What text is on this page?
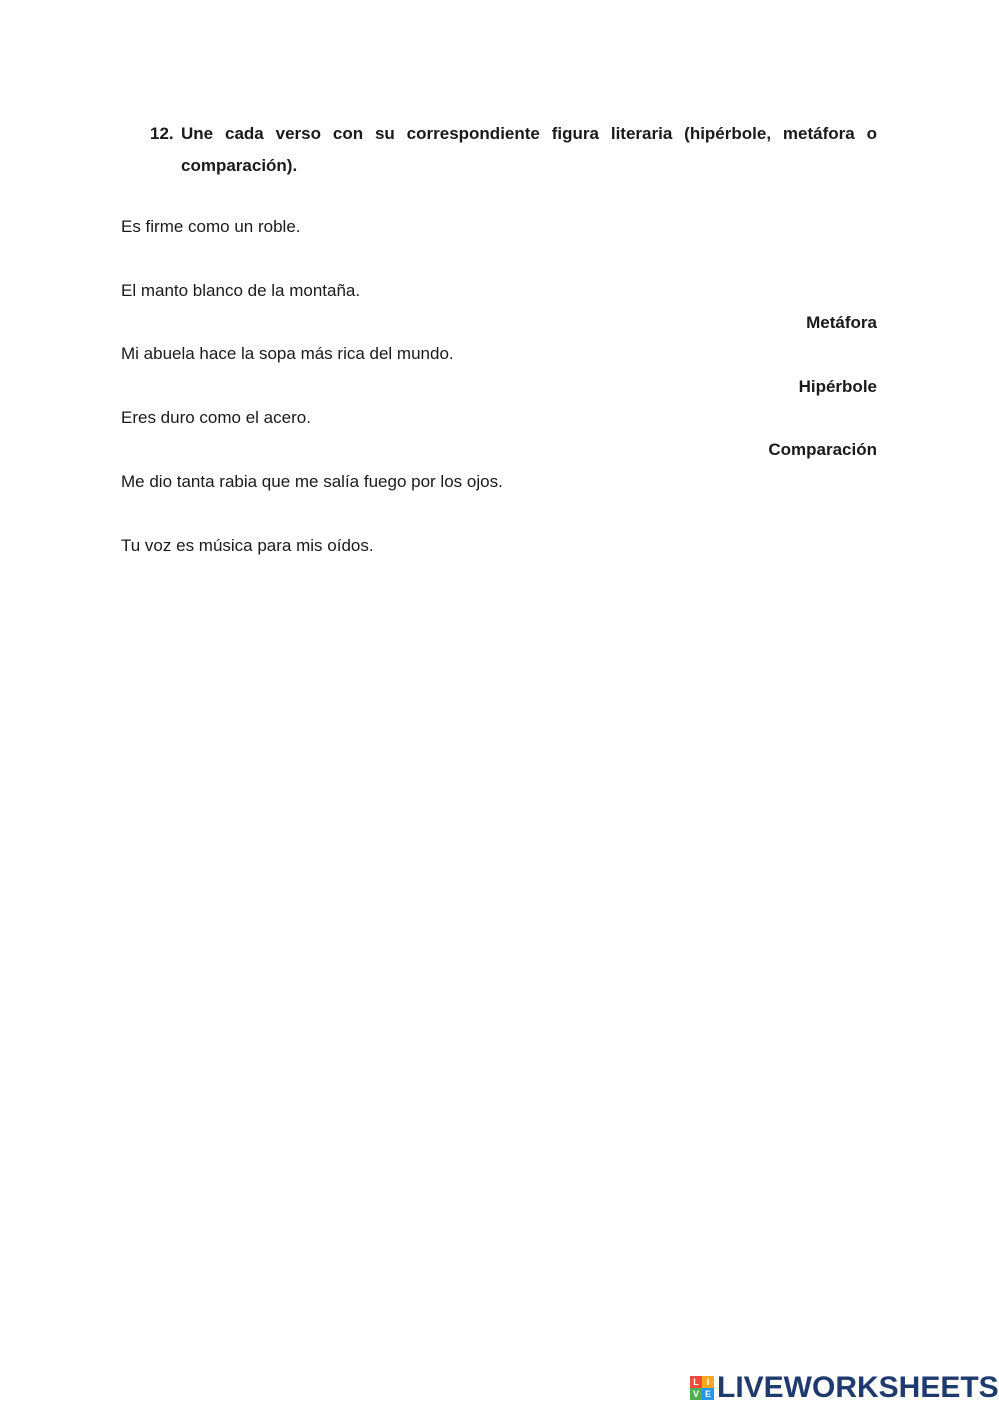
12. Une cada verso con su correspondiente figura literaria (hipérbole, metáfora o comparación).
Es firme como un roble.
El manto blanco de la montaña.
Mi abuela hace la sopa más rica del mundo.
Eres duro como el acero.
Me dio tanta rabia que me salía fuego por los ojos.
Tu voz es música para mis oídos.
Metáfora
Hipérbole
Comparación
L I
V E LIVEWORKSHEETS
